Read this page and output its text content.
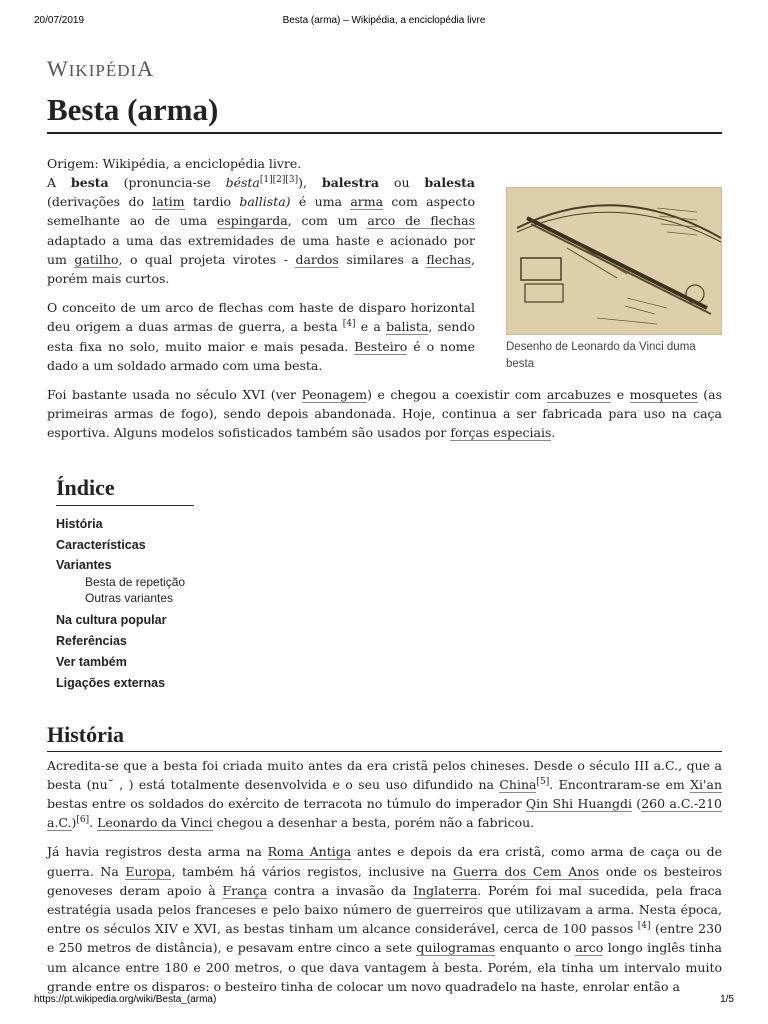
20/07/2019	Besta (arma) – Wikipédia, a enciclopédia livre
WIKIPÉDIA
Besta (arma)
Origem: Wikipédia, a enciclopédia livre.
Desenho de Leonardo da Vinci duma besta

A besta (pronuncia-se bésta[1][2][3]), balestra ou balesta (derivações do latim tardio ballista) é uma arma com aspecto semelhante ao de uma espingarda, com um arco de flechas adaptado a uma das extremidades de uma haste e acionado por um gatilho, o qual projeta virotes - dardos similares a flechas, porém mais curtos.

O conceito de um arco de flechas com haste de disparo horizontal deu origem a duas armas de guerra, a besta [4] e a balista, sendo esta fixa no solo, muito maior e mais pesada. Besteiro é o nome dado a um soldado armado com uma besta.

Foi bastante usada no século XVI (ver Peonagem) e chegou a coexistir com arcabuzes e mosquetes (as primeiras armas de fogo), sendo depois abandonada. Hoje, continua a ser fabricada para uso na caça esportiva. Alguns modelos sofisticados também são usados por forças especiais.

Índice
História
Características
Variantes
Besta de repetição
Outras variantes
Na cultura popular
Referências
Ver também
Ligações externas
História

Acredita-se que a besta foi criada muito antes da era cristã pelos chineses. Desde o século III a.C., que a besta (nu˘ , ) está totalmente desenvolvida e o seu uso difundido na China[5]. Encontraram-se em Xi'an bestas entre os soldados do exército de terracota no túmulo do imperador Qin Shi Huangdi (260 a.C.-210 a.C.)[6]. Leonardo da Vinci chegou a desenhar a besta, porém não a fabricou.

Já havia registros desta arma na Roma Antiga antes e depois da era cristã, como arma de caça ou de guerra. Na Europa, também há vários registos, inclusive na Guerra dos Cem Anos onde os besteiros genoveses deram apoio à França contra a invasão da Inglaterra. Porém foi mal sucedida, pela fraca estratégia usada pelos franceses e pelo baixo número de guerreiros que utilizavam a arma. Nesta época, entre os séculos XIV e XVI, as bestas tinham um alcance considerável, cerca de 100 passos [4] (entre 230 e 250 metros de distância), e pesavam entre cinco a sete quilogramas enquanto o arco longo inglês tinha um alcance entre 180 e 200 metros, o que dava vantagem à besta. Porém, ela tinha um intervalo muito grande entre os disparos: o besteiro tinha de colocar um novo quadradelo na haste, enrolar então a

https://pt.wikipedia.org/wiki/Besta_(arma)	1/5
